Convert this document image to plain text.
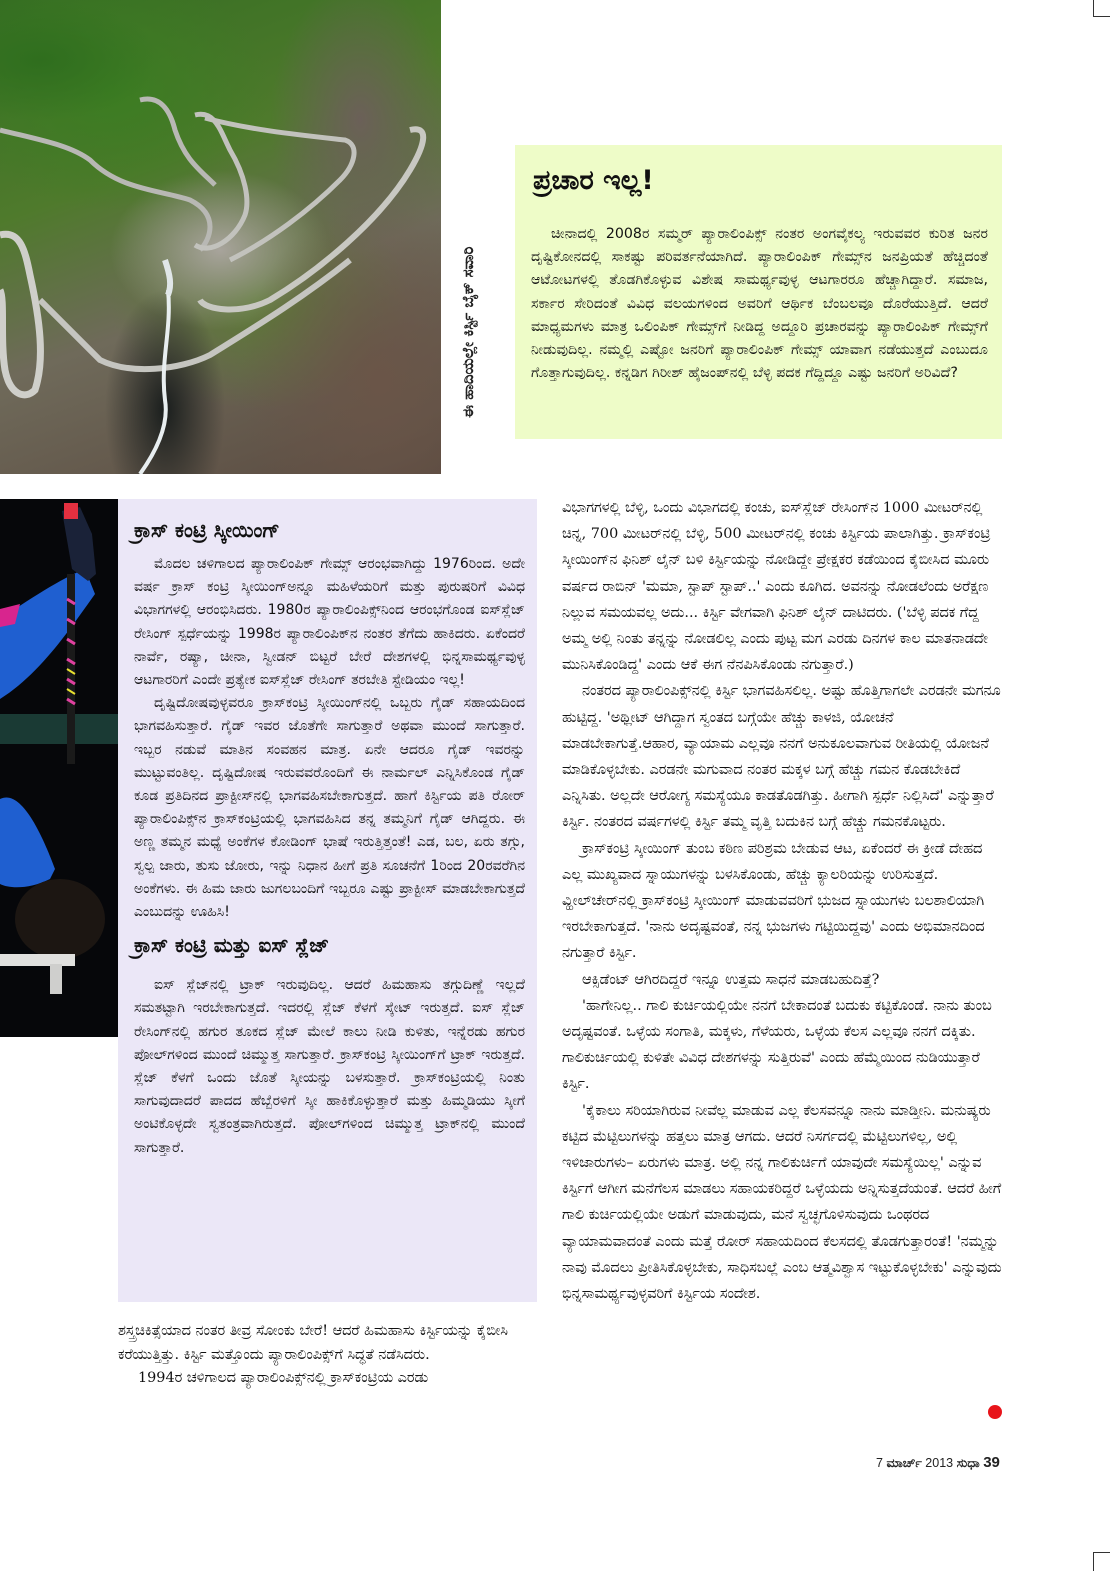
ಈ ಹಾದಿಯಲ್ಲೇ ಕಿರ್ಸ್ಟಿ ಬೈಕ್ ಸವಾರಿ
ಪ್ರಚಾರ ಇಲ್ಲ!

ಚೀನಾದಲ್ಲಿ 2008ರ ಸಮ್ಮರ್ ಪ್ಯಾರಾಲಿಂಪಿಕ್ಸ್ ನಂತರ ಅಂಗವೈಕಲ್ಯ ಇರುವವರ ಕುರಿತ ಜನರ ದೃಷ್ಟಿಕೋನದಲ್ಲಿ ಸಾಕಷ್ಟು ಪರಿವರ್ತನೆಯಾಗಿದೆ. ಪ್ಯಾರಾಲಿಂಪಿಕ್ ಗೇಮ್ಸ್‌ನ ಜನಪ್ರಿಯತೆ ಹೆಚ್ಚಿದಂತೆ ಆಟೋಟಗಳಲ್ಲಿ ತೊಡಗಿಕೊಳ್ಳುವ ವಿಶೇಷ ಸಾಮರ್ಥ್ಯವುಳ್ಳ ಆಟಗಾರರೂ ಹೆಚ್ಚಾಗಿದ್ದಾರೆ. ಸಮಾಜ, ಸರ್ಕಾರ ಸೇರಿದಂತೆ ವಿವಿಧ ವಲಯಗಳಿಂದ ಅವರಿಗೆ ಆರ್ಥಿಕ ಬೆಂಬಲವೂ ದೊರೆಯುತ್ತಿದೆ. ಆದರೆ ಮಾಧ್ಯಮಗಳು ಮಾತ್ರ ಒಲಿಂಪಿಕ್ ಗೇಮ್ಸ್‌ಗೆ ನೀಡಿದ್ದ ಅದ್ದೂರಿ ಪ್ರಚಾರವನ್ನು ಪ್ಯಾರಾಲಿಂಪಿಕ್ ಗೇಮ್ಸ್‌ಗೆ ನೀಡುವುದಿಲ್ಲ. ನಮ್ಮಲ್ಲಿ ಎಷ್ಟೋ ಜನರಿಗೆ ಪ್ಯಾರಾಲಿಂಪಿಕ್ ಗೇಮ್ಸ್ ಯಾವಾಗ ನಡೆಯುತ್ತದೆ ಎಂಬುದೂ ಗೊತ್ತಾಗುವುದಿಲ್ಲ. ಕನ್ನಡಿಗ ಗಿರೀಶ್ ಹೈಜಂಪ್‌ನಲ್ಲಿ ಬೆಳ್ಳಿ ಪದಕ ಗೆದ್ದಿದ್ದೂ ಎಷ್ಟು ಜನರಿಗೆ ಅರಿವಿದೆ?

ಕ್ರಾಸ್ ಕಂಟ್ರಿ ಸ್ಕೀಯಿಂಗ್

ಮೊದಲ ಚಳಿಗಾಲದ ಪ್ಯಾರಾಲಿಂಪಿಕ್ ಗೇಮ್ಸ್ ಆರಂಭವಾಗಿದ್ದು 1976ರಿಂದ. ಅದೇ ವರ್ಷ ಕ್ರಾಸ್ ಕಂಟ್ರಿ ಸ್ಕೀಯಿಂಗ್‌ಅನ್ನೂ ಮಹಿಳೆಯರಿಗೆ ಮತ್ತು ಪುರುಷರಿಗೆ ವಿವಿಧ ವಿಭಾಗಗಳಲ್ಲಿ ಆರಂಭಿಸಿದರು. 1980ರ ಪ್ಯಾರಾಲಿಂಪಿಕ್ಸ್‌ನಿಂದ ಆರಂಭಗೊಂಡ ಐಸ್‌ಸ್ಲೆಜ್ ರೇಸಿಂಗ್ ಸ್ಪರ್ಧೆಯನ್ನು 1998ರ ಪ್ಯಾರಾಲಿಂಪಿಕ್‌ನ ನಂತರ ತೆಗೆದು ಹಾಕಿದರು. ಏಕೆಂದರೆ ನಾರ್ವೆ, ರಷ್ಯಾ, ಚೀನಾ, ಸ್ವೀಡನ್ ಬಿಟ್ಟರೆ ಬೇರೆ ದೇಶಗಳಲ್ಲಿ ಭಿನ್ನಸಾಮರ್ಥ್ಯವುಳ್ಳ ಆಟಗಾರರಿಗೆ ಎಂದೇ ಪ್ರತ್ಯೇಕ ಐಸ್‌ಸ್ಲೆಜ್ ರೇಸಿಂಗ್ ತರಬೇತಿ ಸ್ಟೇಡಿಯಂ ಇಲ್ಲ!

ದೃಷ್ಟಿದೋಷವುಳ್ಳವರೂ ಕ್ರಾಸ್‌ಕಂಟ್ರಿ ಸ್ಕೀಯಿಂಗ್‌ನಲ್ಲಿ ಒಬ್ಬರು ಗೈಡ್ ಸಹಾಯದಿಂದ ಭಾಗವಹಿಸುತ್ತಾರೆ. ಗೈಡ್ ಇವರ ಜೊತೆಗೇ ಸಾಗುತ್ತಾರೆ ಅಥವಾ ಮುಂದೆ ಸಾಗುತ್ತಾರೆ. ಇಬ್ಬರ ನಡುವೆ ಮಾತಿನ ಸಂವಹನ ಮಾತ್ರ. ಏನೇ ಆದರೂ ಗೈಡ್ ಇವರನ್ನು ಮುಟ್ಟುವಂತಿಲ್ಲ. ದೃಷ್ಟಿದೋಷ ಇರುವವರೊಂದಿಗೆ ಈ ನಾರ್ಮಲ್ ಎನ್ನಿಸಿಕೊಂಡ ಗೈಡ್ ಕೂಡ ಪ್ರತಿದಿನದ ಪ್ರಾಕ್ಟೀಸ್‌ನಲ್ಲಿ ಭಾಗವಹಿಸಬೇಕಾಗುತ್ತದೆ. ಹಾಗೆ ಕಿರ್ಸ್ಟಿಯ ಪತಿ ರೋರ್ ಪ್ಯಾರಾಲಿಂಪಿಕ್ಸ್‌ನ ಕ್ರಾಸ್‌ಕಂಟ್ರಿಯಲ್ಲಿ ಭಾಗವಹಿಸಿದ ತನ್ನ ತಮ್ಮನಿಗೆ ಗೈಡ್ ಆಗಿದ್ದರು. ಈ ಅಣ್ಣ ತಮ್ಮನ ಮಧ್ಯೆ ಅಂಕೆಗಳ ಕೋಡಿಂಗ್ ಭಾಷೆ ಇರುತ್ತಿತ್ತಂತೆ! ಎಡ, ಬಲ, ಏರು ತಗ್ಗು, ಸ್ವಲ್ಪ ಜಾರು, ತುಸು ಜೋರು, ಇನ್ನು ನಿಧಾನ ಹೀಗೆ ಪ್ರತಿ ಸೂಚನೆಗೆ 1ರಿಂದ 20ರವರೆಗಿನ ಅಂಕೆಗಳು. ಈ ಹಿಮ ಜಾರು ಜುಗಲಬಂದಿಗೆ ಇಬ್ಬರೂ ಎಷ್ಟು ಪ್ರಾಕ್ಟೀಸ್ ಮಾಡಬೇಕಾಗುತ್ತದೆ ಎಂಬುದನ್ನು ಊಹಿಸಿ!

ಕ್ರಾಸ್ ಕಂಟ್ರಿ ಮತ್ತು ಐಸ್ ಸ್ಲೆಜ್

ಐಸ್ ಸ್ಲೆಜ್‌ನಲ್ಲಿ ಟ್ರಾಕ್ ಇರುವುದಿಲ್ಲ. ಆದರೆ ಹಿಮಹಾಸು ತಗ್ಗುದಿಣ್ಣೆ ಇಲ್ಲದೆ ಸಮತಟ್ಟಾಗಿ ಇರಬೇಕಾಗುತ್ತದೆ. ಇದರಲ್ಲಿ ಸ್ಲೆಜ್ ಕೆಳಗೆ ಸ್ಕೇಟ್ ಇರುತ್ತದೆ. ಐಸ್ ಸ್ಲೆಜ್ ರೇಸಿಂಗ್‌ನಲ್ಲಿ ಹಗುರ ತೂಕದ ಸ್ಲೆಜ್ ಮೇಲೆ ಕಾಲು ನೀಡಿ ಕುಳಿತು, ಇನ್ನೆರಡು ಹಗುರ ಪೋಲ್‌ಗಳಿಂದ ಮುಂದೆ ಚಿಮ್ಮುತ್ತ ಸಾಗುತ್ತಾರೆ. ಕ್ರಾಸ್‌ಕಂಟ್ರಿ ಸ್ಕೀಯಿಂಗ್‌ಗೆ ಟ್ರಾಕ್ ಇರುತ್ತದೆ. ಸ್ಲೆಜ್ ಕೆಳಗೆ ಒಂದು ಜೊತೆ ಸ್ಕೀಯನ್ನು ಬಳಸುತ್ತಾರೆ. ಕ್ರಾಸ್‌ಕಂಟ್ರಿಯಲ್ಲಿ ನಿಂತು ಸಾಗುವುದಾದರೆ ಪಾದದ ಹೆಬ್ಬೆರಳಿಗೆ ಸ್ಕೀ ಹಾಕಿಕೊಳ್ಳುತ್ತಾರೆ ಮತ್ತು ಹಿಮ್ಮಡಿಯು ಸ್ಕೀಗೆ ಅಂಟಿಕೊಳ್ಳದೇ ಸ್ವತಂತ್ರವಾಗಿರುತ್ತದೆ. ಪೋಲ್‌ಗಳಿಂದ ಚಿಮ್ಮುತ್ತ ಟ್ರಾಕ್‌ನಲ್ಲಿ ಮುಂದೆ ಸಾಗುತ್ತಾರೆ.

ಶಸ್ತ್ರಚಿಕಿತ್ಸೆಯಾದ ನಂತರ ತೀವ್ರ ಸೋಂಕು ಬೇರೆ! ಆದರೆ ಹಿಮಹಾಸು ಕಿರ್ಸ್ಟಿಯನ್ನು ಕೈಬೀಸಿ ಕರೆಯುತ್ತಿತ್ತು. ಕಿರ್ಸ್ಟಿ ಮತ್ತೊಂದು ಪ್ಯಾರಾಲಿಂಪಿಕ್ಸ್‌ಗೆ ಸಿದ್ಧತೆ ನಡೆಸಿದರು.

1994ರ ಚಳಿಗಾಲದ ಪ್ಯಾರಾಲಿಂಪಿಕ್ಸ್‌ನಲ್ಲಿ ಕ್ರಾಸ್‌ಕಂಟ್ರಿಯ ಎರಡು

ವಿಭಾಗಗಳಲ್ಲಿ ಬೆಳ್ಳಿ, ಒಂದು ವಿಭಾಗದಲ್ಲಿ ಕಂಚು, ಐಸ್‌ಸ್ಲೆಜ್ ರೇಸಿಂಗ್‌ನ 1000 ಮೀಟರ್‌ನಲ್ಲಿ ಚಿನ್ನ, 700 ಮೀಟರ್‌ನಲ್ಲಿ ಬೆಳ್ಳಿ, 500 ಮೀಟರ್‌ನಲ್ಲಿ ಕಂಚು ಕಿರ್ಸ್ಟಿಯ ಪಾಲಾಗಿತ್ತು. ಕ್ರಾಸ್‌ಕಂಟ್ರಿ ಸ್ಕೀಯಿಂಗ್‌ನ ಫಿನಿಶ್ ಲೈನ್ ಬಳಿ ಕಿರ್ಸ್ಟಿಯನ್ನು ನೋಡಿದ್ದೇ ಪ್ರೇಕ್ಷಕರ ಕಡೆಯಿಂದ ಕೈಬೀಸಿದ ಮೂರು ವರ್ಷದ ರಾಬಿನ್ 'ಮಮಾ, ಸ್ಟಾಪ್ ಸ್ಟಾಪ್..' ಎಂದು ಕೂಗಿದ. ಅವನನ್ನು ನೋಡಲೆಂದು ಅರೆಕ್ಷಣ ನಿಲ್ಲುವ ಸಮಯವಲ್ಲ ಅದು... ಕಿರ್ಸ್ಟಿ ವೇಗವಾಗಿ ಫಿನಿಶ್ ಲೈನ್ ದಾಟಿದರು. ('ಬೆಳ್ಳಿ ಪದಕ ಗೆದ್ದ ಅಮ್ಮ ಅಲ್ಲಿ ನಿಂತು ತನ್ನನ್ನು ನೋಡಲಿಲ್ಲ ಎಂದು ಪುಟ್ಟ ಮಗ ಎರಡು ದಿನಗಳ ಕಾಲ ಮಾತನಾಡದೇ ಮುನಿಸಿಕೊಂಡಿದ್ದ' ಎಂದು ಆಕೆ ಈಗ ನೆನಪಿಸಿಕೊಂಡು ನಗುತ್ತಾರೆ.)

ನಂತರದ ಪ್ಯಾರಾಲಿಂಪಿಕ್ಸ್‌ನಲ್ಲಿ ಕಿರ್ಸ್ಟಿ ಭಾಗವಹಿಸಲಿಲ್ಲ. ಅಷ್ಟು ಹೊತ್ತಿಗಾಗಲೇ ಎರಡನೇ ಮಗನೂ ಹುಟ್ಟಿದ್ದ. 'ಅಥ್ಲೀಟ್ ಆಗಿದ್ದಾಗ ಸ್ವಂತದ ಬಗ್ಗೆಯೇ ಹೆಚ್ಚು ಕಾಳಜಿ, ಯೋಚನೆ ಮಾಡಬೇಕಾಗುತ್ತೆ.ಆಹಾರ, ವ್ಯಾಯಾಮ ಎಲ್ಲವೂ ನನಗೆ ಅನುಕೂಲವಾಗುವ ರೀತಿಯಲ್ಲಿ ಯೋಜನೆ ಮಾಡಿಕೊಳ್ಳಬೇಕು. ಎರಡನೇ ಮಗುವಾದ ನಂತರ ಮಕ್ಕಳ ಬಗ್ಗೆ ಹೆಚ್ಚು ಗಮನ ಕೊಡಬೇಕಿದೆ ಎನ್ನಿಸಿತು. ಅಲ್ಲದೇ ಆರೋಗ್ಯ ಸಮಸ್ಯೆಯೂ ಕಾಡತೊಡಗಿತ್ತು. ಹೀಗಾಗಿ ಸ್ಪರ್ಧೆ ನಿಲ್ಲಿಸಿದೆ' ಎನ್ನುತ್ತಾರೆ ಕಿರ್ಸ್ಟಿ. ನಂತರದ ವರ್ಷಗಳಲ್ಲಿ ಕಿರ್ಸ್ಟಿ ತಮ್ಮ ವೃತ್ತಿ ಬದುಕಿನ ಬಗ್ಗೆ ಹೆಚ್ಚು ಗಮನಕೊಟ್ಟರು.

ಕ್ರಾಸ್‌ಕಂಟ್ರಿ ಸ್ಕೀಯಿಂಗ್ ತುಂಬ ಕಠಿಣ ಪರಿಶ್ರಮ ಬೇಡುವ ಆಟ, ಏಕೆಂದರೆ ಈ ಕ್ರೀಡೆ ದೇಹದ ಎಲ್ಲ ಮುಖ್ಯವಾದ ಸ್ನಾಯುಗಳನ್ನು ಬಳಸಿಕೊಂಡು, ಹೆಚ್ಚು ಕ್ಯಾಲರಿಯನ್ನು ಉರಿಸುತ್ತದೆ. ವ್ಹೀಲ್‌ಚೇರ್‌ನಲ್ಲಿ ಕ್ರಾಸ್‌ಕಂಟ್ರಿ ಸ್ಕೀಯಿಂಗ್ ಮಾಡುವವರಿಗೆ ಭುಜದ ಸ್ನಾಯುಗಳು ಬಲಶಾಲಿಯಾಗಿ ಇರಬೇಕಾಗುತ್ತದೆ. 'ನಾನು ಅದೃಷ್ಟವಂತೆ, ನನ್ನ ಭುಜಗಳು ಗಟ್ಟಿಯಿದ್ದವು' ಎಂದು ಅಭಿಮಾನದಿಂದ ನಗುತ್ತಾರೆ ಕಿರ್ಸ್ಟಿ.

ಆಕ್ಸಿಡೆಂಟ್ ಆಗಿರದಿದ್ದರೆ ಇನ್ನೂ ಉತ್ತಮ ಸಾಧನೆ ಮಾಡಬಹುದಿತ್ತೆ?

'ಹಾಗೇನಿಲ್ಲ.. ಗಾಲಿ ಕುರ್ಚಿಯಲ್ಲಿಯೇ ನನಗೆ ಬೇಕಾದಂತೆ ಬದುಕು ಕಟ್ಟಿಕೊಂಡೆ. ನಾನು ತುಂಬ ಅದೃಷ್ಟವಂತೆ. ಒಳ್ಳೆಯ ಸಂಗಾತಿ, ಮಕ್ಕಳು, ಗೆಳೆಯರು, ಒಳ್ಳೆಯ ಕೆಲಸ ಎಲ್ಲವೂ ನನಗೆ ದಕ್ಕಿತು. ಗಾಲಿಕುರ್ಚಿಯಲ್ಲಿ ಕುಳಿತೇ ವಿವಿಧ ದೇಶಗಳನ್ನು ಸುತ್ತಿರುವೆ' ಎಂದು ಹೆಮ್ಮೆಯಿಂದ ನುಡಿಯುತ್ತಾರೆ ಕಿರ್ಸ್ಟಿ.

'ಕೈಕಾಲು ಸರಿಯಾಗಿರುವ ನೀವೆಲ್ಲ ಮಾಡುವ ಎಲ್ಲ ಕೆಲಸವನ್ನೂ ನಾನು ಮಾಡ್ತೀನಿ. ಮನುಷ್ಯರು ಕಟ್ಟಿದ ಮೆಟ್ಟಿಲುಗಳನ್ನು ಹತ್ತಲು ಮಾತ್ರ ಆಗದು. ಆದರೆ ನಿಸರ್ಗದಲ್ಲಿ ಮೆಟ್ಟಿಲುಗಳಿಲ್ಲ, ಅಲ್ಲಿ ಇಳಿಜಾರುಗಳು– ಏರುಗಳು ಮಾತ್ರ. ಅಲ್ಲಿ ನನ್ನ ಗಾಲಿಕುರ್ಚಿಗೆ ಯಾವುದೇ ಸಮಸ್ಯೆಯಿಲ್ಲ' ಎನ್ನುವ ಕಿರ್ಸ್ಟಿಗೆ ಆಗೀಗ ಮನೆಗೆಲಸ ಮಾಡಲು ಸಹಾಯಕರಿದ್ದರೆ ಒಳ್ಳೆಯದು ಅನ್ನಿಸುತ್ತದೆಯಂತೆ. ಆದರೆ ಹೀಗೆ ಗಾಲಿ ಕುರ್ಚಿಯಲ್ಲಿಯೇ ಅಡುಗೆ ಮಾಡುವುದು, ಮನೆ ಸ್ವಚ್ಛಗೊಳಿಸುವುದು ಒಂಥರದ ವ್ಯಾಯಾಮವಾದಂತೆ ಎಂದು ಮತ್ತೆ ರೋರ್ ಸಹಾಯದಿಂದ ಕೆಲಸದಲ್ಲಿ ತೊಡಗುತ್ತಾರಂತೆ! 'ನಮ್ಮನ್ನು ನಾವು ಮೊದಲು ಪ್ರೀತಿಸಿಕೊಳ್ಳಬೇಕು, ಸಾಧಿಸಬಲ್ಲೆ ಎಂಬ ಆತ್ಮವಿಶ್ವಾಸ ಇಟ್ಟುಕೊಳ್ಳಬೇಕು' ಎನ್ನುವುದು ಭಿನ್ನಸಾಮರ್ಥ್ಯವುಳ್ಳವರಿಗೆ ಕಿರ್ಸ್ಟಿಯ ಸಂದೇಶ.

7 ಮಾರ್ಚ್ 2013 ಸುಧಾ 39
